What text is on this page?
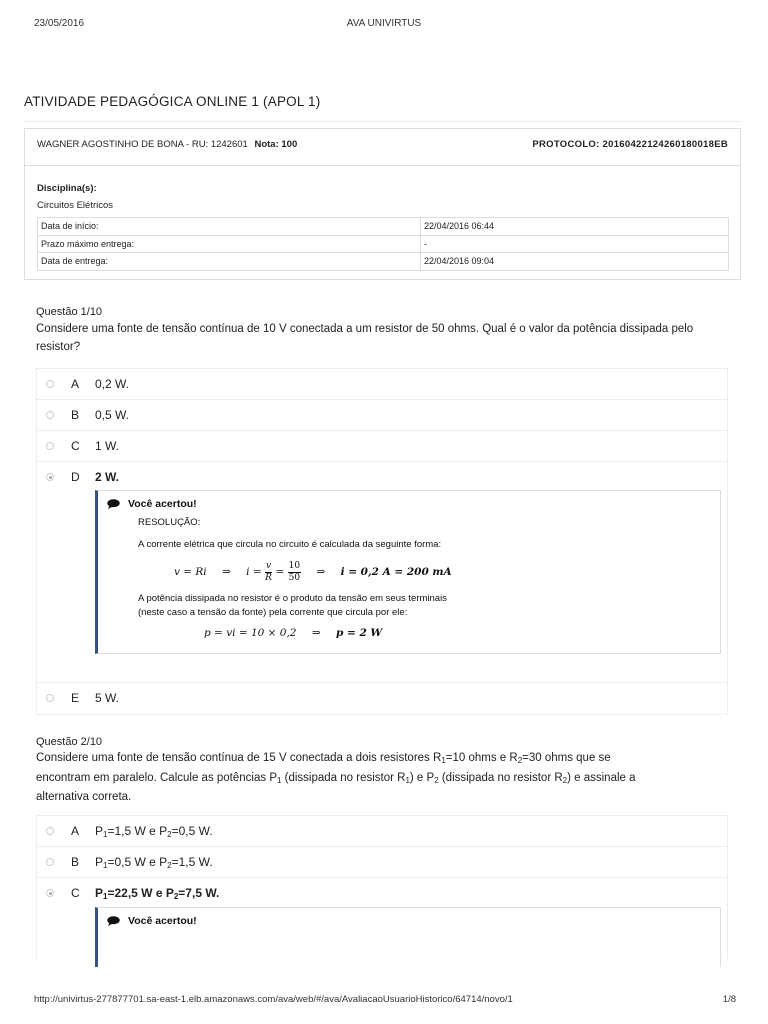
23/05/2016	AVA UNIVIRTUS
ATIVIDADE PEDAGÓGICA ONLINE 1 (APOL 1)
WAGNER AGOSTINHO DE BONA - RU: 1242601 Nota: 100	PROTOCOLO: 20160422124260180018EB
Disciplina(s):
Circuitos Elétricos
Data de início:	22/04/2016 06:44
Prazo máximo entrega:	-
Data de entrega:	22/04/2016 09:04
Questão 1/10
Considere uma fonte de tensão contínua de 10 V conectada a um resistor de 50 ohms. Qual é o valor da potência dissipada pelo resistor?
A 0,2 W.
B 0,5 W.
C 1 W.
D 2 W.
Você acertou!
RESOLUÇÃO:
A corrente elétrica que circula no circuito é calculada da seguinte forma:
v = Ri ⇒ $i = \frac{v}{R} = \frac{10}{50}$ ⇒ i = 0,2 A = 200 mA
A potência dissipada no resistor é o produto da tensão em seus terminais
(neste caso a tensão da fonte) pela corrente que circula por ele:
p = vi = 10 × 0,2 ⇒ p = 2 W
E 5 W.
Questão 2/10
Considere uma fonte de tensão contínua de 15 V conectada a dois resistores $R_1=10$ ohms e $R_2=30$ ohms que se
encontram em paralelo. Calcule as potências $P_1$ (dissipada no resistor $R_1$) e $P_2$ (dissipada no resistor $R_2$) e assinale a
alternativa correta.
A $P_1=1,5$ W e $P_2=0,5$ W.
B $P_1=0,5$ W e $P_2=1,5$ W.
C $P_1=22,5$ W e $P_2=7,5$ W.
Você acertou!
http://univirtus-277877701.sa-east-1.elb.amazonaws.com/ava/web/#/ava/AvaliacaoUsuarioHistorico/64714/novo/1	1/8
